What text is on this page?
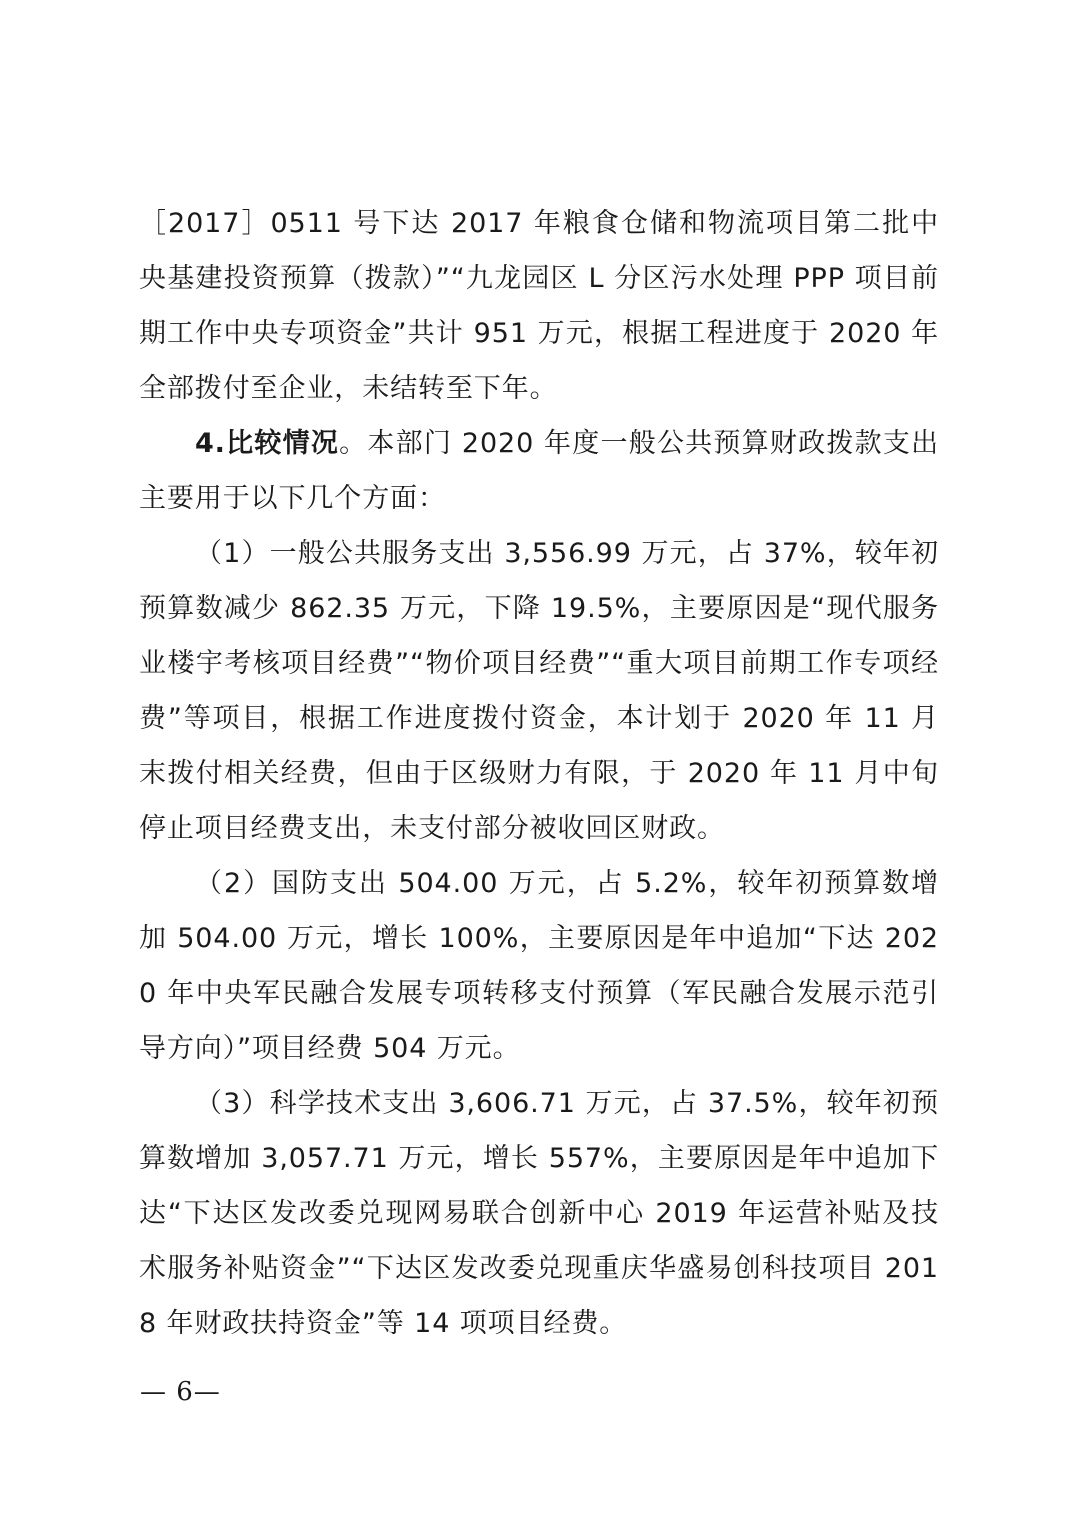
［2017］0511 号下达 2017 年粮食仓储和物流项目第二批中央基建投资预算（拨款）”“九龙园区 L 分区污水处理 PPP 项目前期工作中央专项资金”共计 951 万元，根据工程进度于 2020 年全部拨付至企业，未结转至下年。

4.比较情况。本部门 2020 年度一般公共预算财政拨款支出主要用于以下几个方面：

（1）一般公共服务支出 3,556.99 万元，占 37%，较年初预算数减少 862.35 万元，下降 19.5%，主要原因是“现代服务业楼宇考核项目经费”“物价项目经费”“重大项目前期工作专项经费”等项目，根据工作进度拨付资金，本计划于 2020 年 11 月末拨付相关经费，但由于区级财力有限，于 2020 年 11 月中旬停止项目经费支出，未支付部分被收回区财政。

（2）国防支出 504.00 万元，占 5.2%，较年初预算数增加 504.00 万元，增长 100%，主要原因是年中追加“下达 2020 年中央军民融合发展专项转移支付预算（军民融合发展示范引导方向）”项目经费 504 万元。

（3）科学技术支出 3,606.71 万元，占 37.5%，较年初预算数增加 3,057.71 万元，增长 557%，主要原因是年中追加下达“下达区发改委兑现网易联合创新中心 2019 年运营补贴及技术服务补贴资金”“下达区发改委兑现重庆华盛易创科技项目 2018 年财政扶持资金”等 14 项项目经费。

— 6—
